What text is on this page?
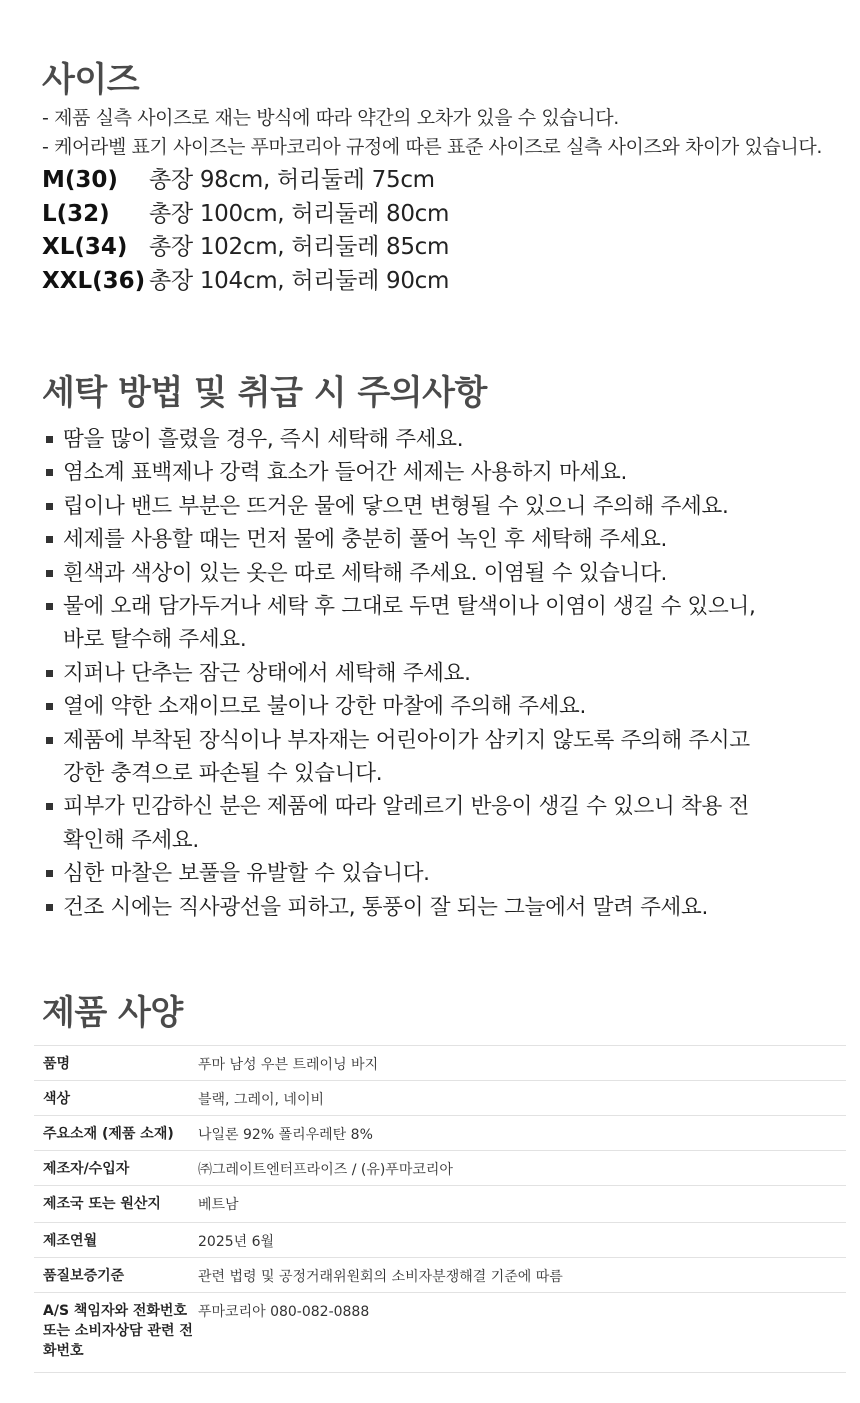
사이즈
- 제품 실측 사이즈로 재는 방식에 따라 약간의 오차가 있을 수 있습니다.
- 케어라벨 표기 사이즈는 푸마코리아 규정에 따른 표준 사이즈로 실측 사이즈와 차이가 있습니다.
M(30) 총장 98cm, 허리둘레 75cm
L(32) 총장 100cm, 허리둘레 80cm
XL(34) 총장 102cm, 허리둘레 85cm
XXL(36) 총장 104cm, 허리둘레 90cm
세탁 방법 및 취급 시 주의사항
땀을 많이 흘렸을 경우, 즉시 세탁해 주세요.
염소계 표백제나 강력 효소가 들어간 세제는 사용하지 마세요.
립이나 밴드 부분은 뜨거운 물에 닿으면 변형될 수 있으니 주의해 주세요.
세제를 사용할 때는 먼저 물에 충분히 풀어 녹인 후 세탁해 주세요.
흰색과 색상이 있는 옷은 따로 세탁해 주세요. 이염될 수 있습니다.
물에 오래 담가두거나 세탁 후 그대로 두면 탈색이나 이염이 생길 수 있으니,
바로 탈수해 주세요.
지퍼나 단추는 잠근 상태에서 세탁해 주세요.
열에 약한 소재이므로 불이나 강한 마찰에 주의해 주세요.
제품에 부착된 장식이나 부자재는 어린아이가 삼키지 않도록 주의해 주시고
강한 충격으로 파손될 수 있습니다.
피부가 민감하신 분은 제품에 따라 알레르기 반응이 생길 수 있으니 착용 전
확인해 주세요.
심한 마찰은 보풀을 유발할 수 있습니다.
건조 시에는 직사광선을 피하고, 통풍이 잘 되는 그늘에서 말려 주세요.
제품 사양
품명	푸마 남성 우븐 트레이닝 바지

색상	블랙, 그레이, 네이비

주요소재 (제품 소재)	나일론 92% 폴리우레탄 8%

제조자/수입자	㈜그레이트엔터프라이즈 / (유)푸마코리아

제조국 또는 원산지	베트남

제조연월	2025년 6월

품질보증기준	관련 법령 및 공정거래위원회의 소비자분쟁해결 기준에 따름

A/S 책임자와 전화번호 또는 소비자상담 관련 전화번호	푸마코리아 080-082-0888
